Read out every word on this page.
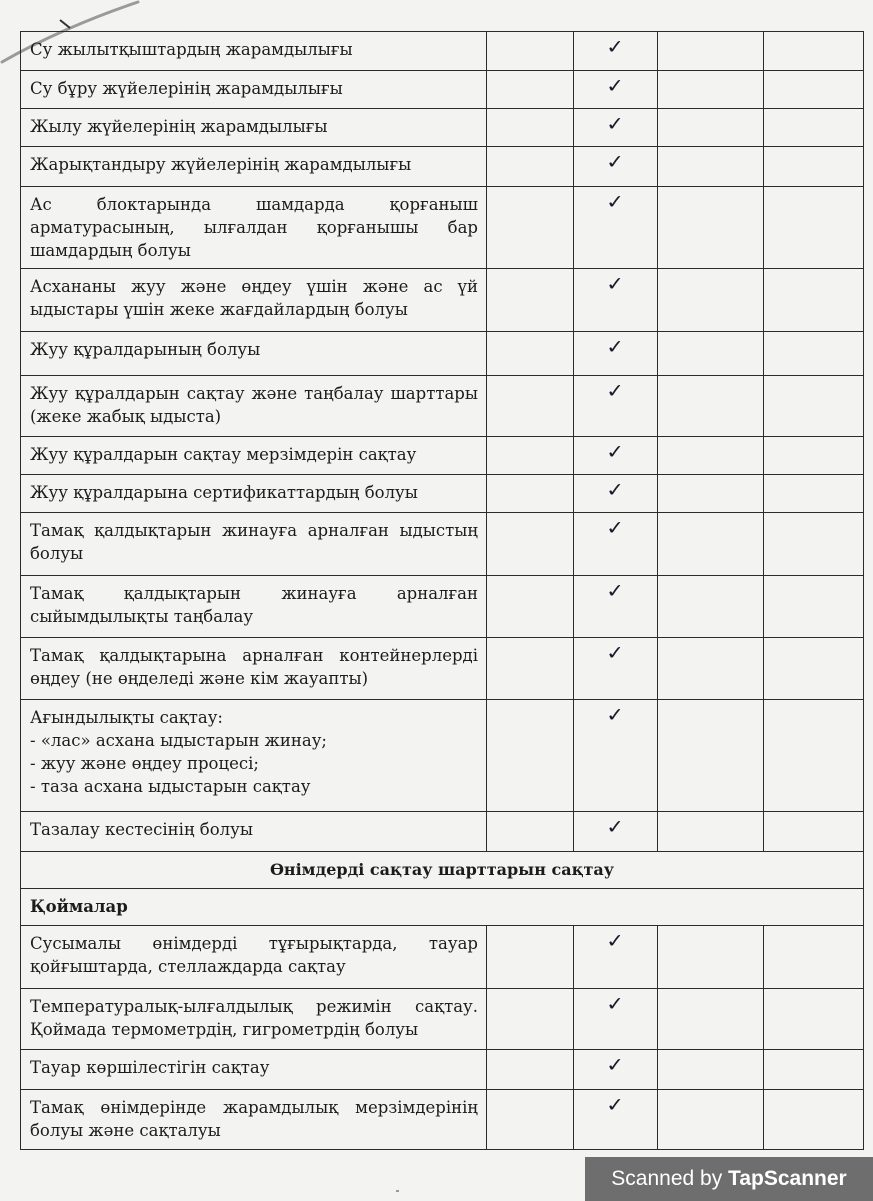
Су жылытқыштардың жарамдылығы		✓		

Су бұру жүйелерінің жарамдылығы		✓		

Жылу жүйелерінің жарамдылығы		✓		

Жарықтандыру жүйелерінің жарамдылығы		✓		

Ас блоктарында шамдарда қорғаныш арматурасының, ылғалдан қорғанышы бар шамдардың болуы		✓		

Асхананы жуу және өңдеу үшін және ас үй ыдыстары үшін жеке жағдайлардың болуы		✓		

Жуу құралдарының болуы		✓		

Жуу құралдарын сақтау және таңбалау шарттары (жеке жабық ыдыста)		✓		

Жуу құралдарын сақтау мерзімдерін сақтау		✓		

Жуу құралдарына сертификаттардың болуы		✓		

Тамақ қалдықтарын жинауға арналған ыдыстың болуы		✓		

Тамақ қалдықтарын жинауға арналған сыйымдылықты таңбалау		✓		

Тамақ қалдықтарына арналған контейнерлерді өңдеу (не өңделеді және кім жауапты)		✓		

Ағындылықты сақтау:
- «лас» асхана ыдыстарын жинау;
- жуу және өңдеу процесі;
- таза асхана ыдыстарын сақтау		✓		

Тазалау кестесінің болуы		✓		
Өнімдерді сақтау шарттарын сақтау				
Қоймалар				

Сусымалы өнімдерді тұғырықтарда, тауар қойғыштарда, стеллаждарда сақтау		✓		

Температуралық-ылғалдылық режимін сақтау. Қоймада термометрдің, гигрометрдің болуы		✓		

Тауар көршілестігін сақтау		✓		

Тамақ өнімдерінде жарамдылық мерзімдерінің болуы және сақталуы		✓		
Scanned by TapScanner
